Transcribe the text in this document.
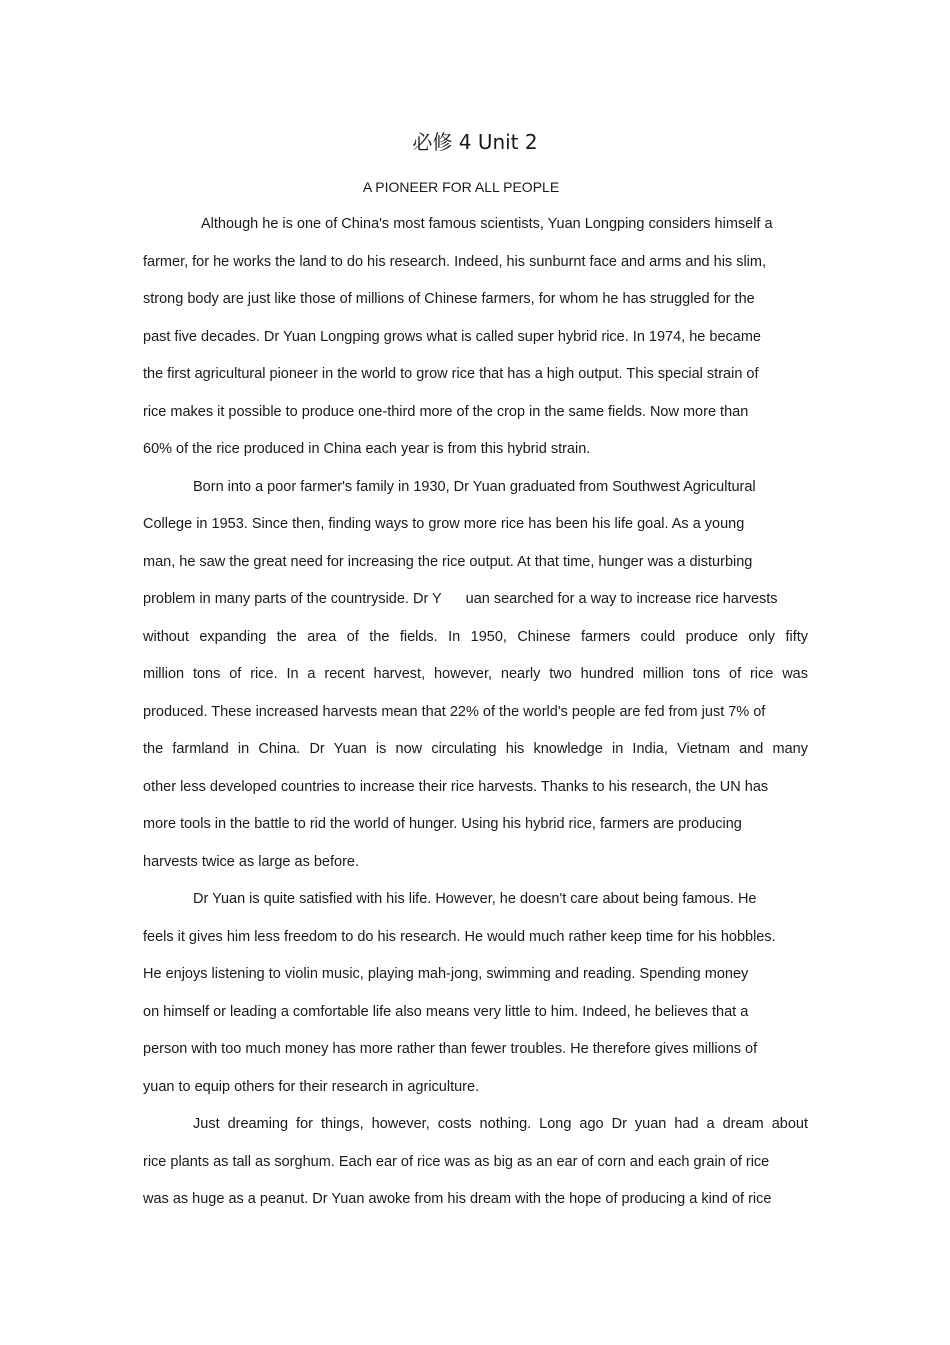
必修 4 Unit 2
A PIONEER FOR ALL PEOPLE
Although he is one of China's most famous scientists, Yuan Longping considers himself a
farmer, for he works the land to do his research. Indeed, his sunburnt face and arms and his slim,
strong body are just like those of millions of Chinese farmers, for whom he has struggled for the
past five decades. Dr Yuan Longping grows what is called super hybrid rice. In 1974, he became
the first agricultural pioneer in the world to grow rice that has a high output. This special strain of
rice makes it possible to produce one-third more of the crop in the same fields. Now more than
60% of the rice produced in China each year is from this hybrid strain.
Born into a poor farmer's family in 1930, Dr Yuan graduated from Southwest Agricultural
College in 1953. Since then, finding ways to grow more rice has been his life goal. As a young
man, he saw the great need for increasing the rice output. At that time, hunger was a disturbing
problem in many parts of the countryside. Dr Y      uan searched for a way to increase rice harvests
without expanding the area of the fields. In 1950, Chinese farmers could produce only fifty
million tons of rice. In a recent harvest, however, nearly two hundred million tons of rice was
produced. These increased harvests mean that 22% of the world's people are fed from just 7% of
the farmland in China. Dr Yuan is now circulating his knowledge in India, Vietnam and many
other less developed countries to increase their rice harvests. Thanks to his research, the UN has
more tools in the battle to rid the world of hunger. Using his hybrid rice, farmers are producing
harvests twice as large as before.
Dr Yuan is quite satisfied with his life. However, he doesn't care about being famous. He
feels it gives him less freedom to do his research. He would much rather keep time for his hobbles.
He enjoys listening to violin music, playing mah-jong, swimming and reading. Spending money
on himself or leading a comfortable life also means very little to him. Indeed, he believes that a
person with too much money has more rather than fewer troubles. He therefore gives millions of
yuan to equip others for their research in agriculture.
Just dreaming for things, however, costs nothing. Long ago Dr yuan had a dream about
rice plants as tall as sorghum. Each ear of rice was as big as an ear of corn and each grain of rice
was as huge as a peanut. Dr Yuan awoke from his dream with the hope of producing a kind of rice
